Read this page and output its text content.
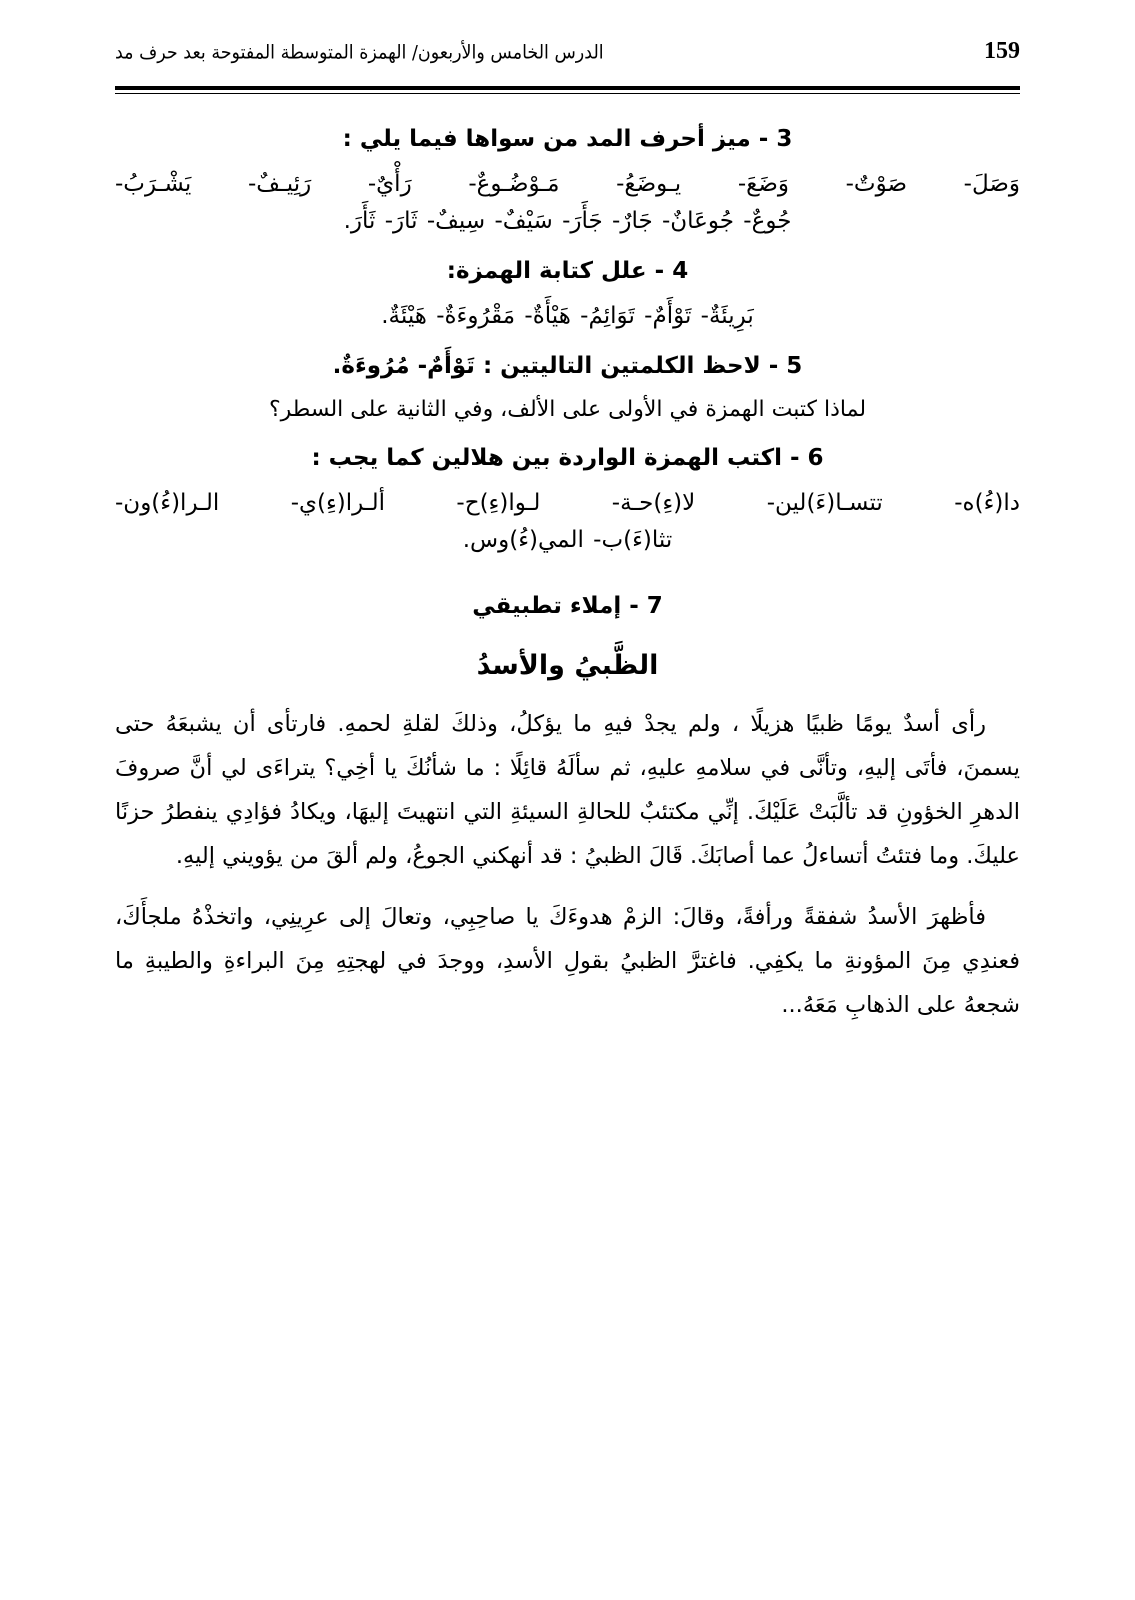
الدرس الخامس والأربعون/ الهمزة المتوسطة المفتوحة بعد حرف مد	159

3 - ميز أحرف المد من سواها فيما يلي :

وَصَلَ- صَوْتٌ- وَضَعَ- يـوضَعُ- مَـوْضُـوعٌ- رَأْيٌ- رَئِيـفٌ- يَشْـرَبُ-

جُوعٌ- جُوعَانٌ- جَارٌ- جَأَرَ- سَيْفٌ- سِيفٌ- ثَارَ- ثَأَرَ.

4 - علل كتابة الهمزة:

بَرِيئَةٌ- تَوْأَمٌ- تَوَائِمُ- هَيْأَةٌ- مَقْرُوءَةٌ- هَيْئَةٌ.

5 - لاحظ الكلمتين التاليتين : تَوْأَمٌ- مُرُوءَةٌ.

لماذا كتبت الهمزة في الأولى على الألف، وفي الثانية على السطر؟

6 - اكتب الهمزة الواردة بين هلالين كما يجب :

دا(ءُ)ه- تتسـا(ءَ)لين- لا(ءِ)حـة- لـوا(ءِ)ح- ألـرا(ءِ)ي- الـرا(ءُ)ون-

تثا(ءَ)ب- المي(ءُ)وس.

7 - إملاء تطبيقي

الظَّبيُ والأسدُ

رأى أسدٌ يومًا ظبيًا هزيلًا ، ولم يجدْ فيهِ ما يؤكلُ، وذلكَ لقلةِ لحمهِ. فارتأى أن يشبعَهُ حتى يسمنَ، فأتَى إليهِ، وتأنَّى في سلامهِ عليهِ، ثم سألَهُ قائِلًا : ما شأنُكَ يا أخِي؟ يتراءَى لي أنَّ صروفَ الدهرِ الخؤونِ قد تألَّبَتْ عَلَيْكَ. إنِّي مكتئبٌ للحالةِ السيئةِ التي انتهيتَ إليهَا، ويكادُ فؤادِي ينفطرُ حزنًا عليكَ. وما فتئتُ أتساءلُ عما أصابَكَ. قَالَ الظبيُ : قد أنهكني الجوعُ، ولم ألقَ من يؤويني إليهِ.

فأظهرَ الأسدُ شفقةً ورأفةً، وقالَ: الزمْ هدوءَكَ يا صاحِبِي، وتعالَ إلى عرِينِي، واتخذْهُ ملجأَكَ، فعندِي مِنَ المؤونةِ ما يكفِي. فاغترَّ الظبيُ بقولِ الأسدِ، ووجدَ في لهجتِهِ مِنَ البراءةِ والطيبةِ ما شجعهُ على الذهابِ مَعَهُ...
